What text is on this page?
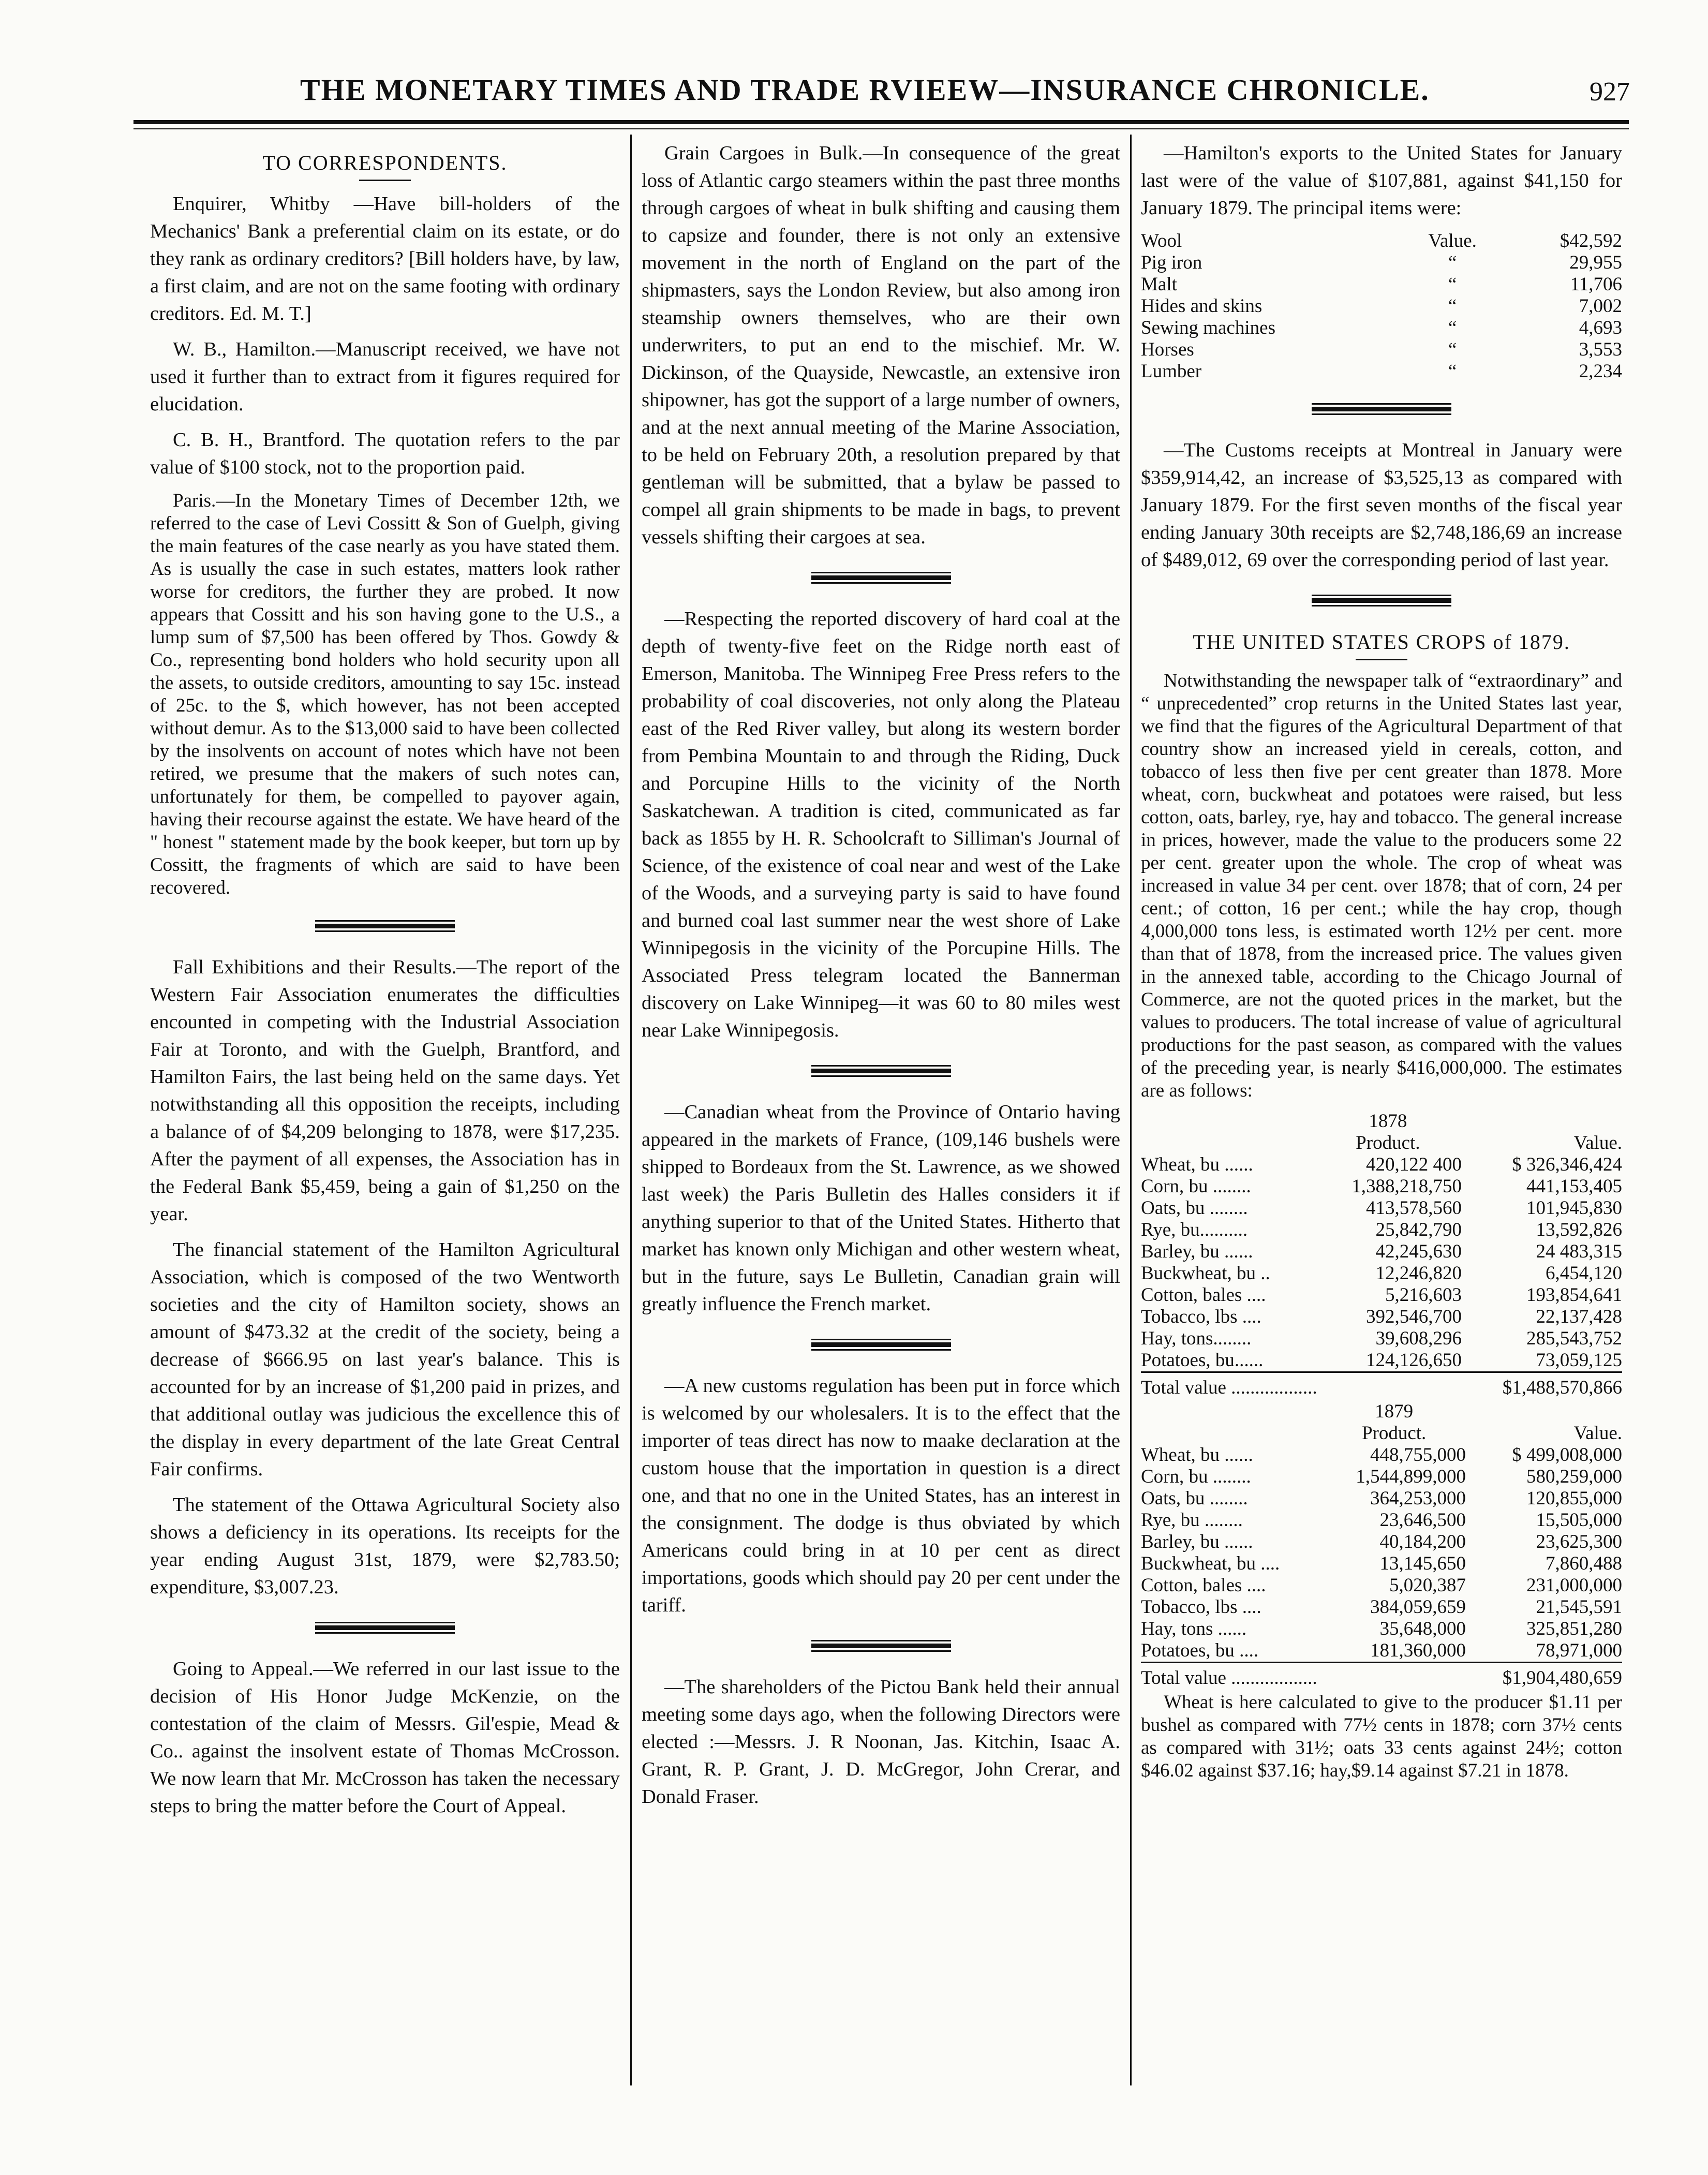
THE MONETARY TIMES AND TRADE RVIEEW—INSURANCE CHRONICLE.	927
TO CORRESPONDENTS.

Enquirer, Whitby —Have bill-holders of the Mechanics' Bank a preferential claim on its estate, or do they rank as ordinary creditors? [Bill holders have, by law, a first claim, and are not on the same footing with ordinary creditors. Ed. M. T.]

W. B., Hamilton.—Manuscript received, we have not used it further than to extract from it figures required for elucidation.

C. B. H., Brantford. The quotation refers to the par value of $100 stock, not to the proportion paid.

Paris.—In the Monetary Times of December 12th, we referred to the case of Levi Cossitt & Son of Guelph, giving the main features of the case nearly as you have stated them. As is usually the case in such estates, matters look rather worse for creditors, the further they are probed. It now appears that Cossitt and his son having gone to the U.S., a lump sum of $7,500 has been offered by Thos. Gowdy & Co., representing bond holders who hold security upon all the assets, to outside creditors, amounting to say 15c. instead of 25c. to the $, which however, has not been accepted without demur. As to the $13,000 said to have been collected by the insolvents on account of notes which have not been retired, we presume that the makers of such notes can, unfortunately for them, be compelled to payover again, having their recourse against the estate. We have heard of the " honest " statement made by the book keeper, but torn up by Cossitt, the fragments of which are said to have been recovered.

Fall Exhibitions and their Results.—The report of the Western Fair Association enumerates the difficulties encounted in competing with the Industrial Association Fair at Toronto, and with the Guelph, Brantford, and Hamilton Fairs, the last being held on the same days. Yet notwithstanding all this opposition the receipts, including a balance of of $4,209 belonging to 1878, were $17,235. After the payment of all expenses, the Association has in the Federal Bank $5,459, being a gain of $1,250 on the year.

The financial statement of the Hamilton Agricultural Association, which is composed of the two Wentworth societies and the city of Hamilton society, shows an amount of $473.32 at the credit of the society, being a decrease of $666.95 on last year's balance. This is accounted for by an increase of $1,200 paid in prizes, and that additional outlay was judicious the excellence this of the display in every department of the late Great Central Fair confirms.

The statement of the Ottawa Agricultural Society also shows a deficiency in its operations. Its receipts for the year ending August 31st, 1879, were $2,783.50; expenditure, $3,007.23.

Going to Appeal.—We referred in our last issue to the decision of His Honor Judge McKenzie, on the contestation of the claim of Messrs. Gil'espie, Mead & Co.. against the insolvent estate of Thomas McCrosson. We now learn that Mr. McCrosson has taken the necessary steps to bring the matter before the Court of Appeal.

Grain Cargoes in Bulk.—In consequence of the great loss of Atlantic cargo steamers within the past three months through cargoes of wheat in bulk shifting and causing them to capsize and founder, there is not only an extensive movement in the north of England on the part of the shipmasters, says the London Review, but also among iron steamship owners themselves, who are their own underwriters, to put an end to the mischief. Mr. W. Dickinson, of the Quayside, Newcastle, an extensive iron shipowner, has got the support of a large number of owners, and at the next annual meeting of the Marine Association, to be held on February 20th, a resolution prepared by that gentleman will be submitted, that a bylaw be passed to compel all grain shipments to be made in bags, to prevent vessels shifting their cargoes at sea.

—Respecting the reported discovery of hard coal at the depth of twenty-five feet on the Ridge north east of Emerson, Manitoba. The Winnipeg Free Press refers to the probability of coal discoveries, not only along the Plateau east of the Red River valley, but along its western border from Pembina Mountain to and through the Riding, Duck and Porcupine Hills to the vicinity of the North Saskatchewan. A tradition is cited, communicated as far back as 1855 by H. R. Schoolcraft to Silliman's Journal of Science, of the existence of coal near and west of the Lake of the Woods, and a surveying party is said to have found and burned coal last summer near the west shore of Lake Winnipegosis in the vicinity of the Porcupine Hills. The Associated Press telegram located the Bannerman discovery on Lake Winnipeg—it was 60 to 80 miles west near Lake Winnipegosis.

—Canadian wheat from the Province of Ontario having appeared in the markets of France, (109,146 bushels were shipped to Bordeaux from the St. Lawrence, as we showed last week) the Paris Bulletin des Halles considers it if anything superior to that of the United States. Hitherto that market has known only Michigan and other western wheat, but in the future, says Le Bulletin, Canadian grain will greatly influence the French market.

—A new customs regulation has been put in force which is welcomed by our wholesalers. It is to the effect that the importer of teas direct has now to maake declaration at the custom house that the importation in question is a direct one, and that no one in the United States, has an interest in the consignment. The dodge is thus obviated by which Americans could bring in at 10 per cent as direct importations, goods which should pay 20 per cent under the tariff.

—The shareholders of the Pictou Bank held their annual meeting some days ago, when the following Directors were elected :—Messrs. J. R Noonan, Jas. Kitchin, Isaac A. Grant, R. P. Grant, J. D. McGregor, John Crerar, and Donald Fraser.

—Hamilton's exports to the United States for January last were of the value of $107,881, against $41,150 for January 1879. The principal items were:

Wool	Value.	$42,592
Pig iron	“	29,955
Malt	“	11,706
Hides and skins	“	7,002
Sewing machines	“	4,693
Horses	“	3,553
Lumber	“	2,234

—The Customs receipts at Montreal in January were $359,914,42, an increase of $3,525,13 as compared with January 1879. For the first seven months of the fiscal year ending January 30th receipts are $2,748,186,69 an increase of $489,012, 69 over the corresponding period of last year.

THE UNITED STATES CROPS of 1879.

Notwithstanding the newspaper talk of “extraordinary” and “ unprecedented” crop returns in the United States last year, we find that the figures of the Agricultural Department of that country show an increased yield in cereals, cotton, and tobacco of less then five per cent greater than 1878. More wheat, corn, buckwheat and potatoes were raised, but less cotton, oats, barley, rye, hay and tobacco. The general increase in prices, however, made the value to the producers some 22 per cent. greater upon the whole. The crop of wheat was increased in value 34 per cent. over 1878; that of corn, 24 per cent.; of cotton, 16 per cent.; while the hay crop, though 4,000,000 tons less, is estimated worth 12½ per cent. more than that of 1878, from the increased price. The values given in the annexed table, according to the Chicago Journal of Commerce, are not the quoted prices in the market, but the values to producers. The total increase of value of agricultural productions for the past season, as compared with the values of the preceding year, is nearly $416,000,000. The estimates are as follows:

	1878	
	Product.	Value.
Wheat, bu ......	420,122 400	$ 326,346,424
Corn, bu ........	1,388,218,750	441,153,405
Oats, bu ........	413,578,560	101,945,830
Rye, bu..........	25,842,790	13,592,826
Barley, bu ......	42,245,630	24 483,315
Buckwheat, bu ..	12,246,820	6,454,120
Cotton, bales ....	5,216,603	193,854,641
Tobacco, lbs ....	392,546,700	22,137,428
Hay, tons........	39,608,296	285,543,752
Potatoes, bu......	124,126,650	73,059,125
Total value ..................		$1,488,570,866
	1879	
	Product.	Value.
Wheat, bu ......	448,755,000	$ 499,008,000
Corn, bu ........	1,544,899,000	580,259,000
Oats, bu ........	364,253,000	120,855,000
Rye, bu ........	23,646,500	15,505,000
Barley, bu ......	40,184,200	23,625,300
Buckwheat, bu ....	13,145,650	7,860,488
Cotton, bales ....	5,020,387	231,000,000
Tobacco, lbs ....	384,059,659	21,545,591
Hay, tons ......	35,648,000	325,851,280
Potatoes, bu ....	181,360,000	78,971,000
Total value ..................		$1,904,480,659

Wheat is here calculated to give to the producer $1.11 per bushel as compared with 77½ cents in 1878; corn 37½ cents as compared with 31½; oats 33 cents against 24½; cotton $46.02 against $37.16; hay,$9.14 against $7.21 in 1878.
